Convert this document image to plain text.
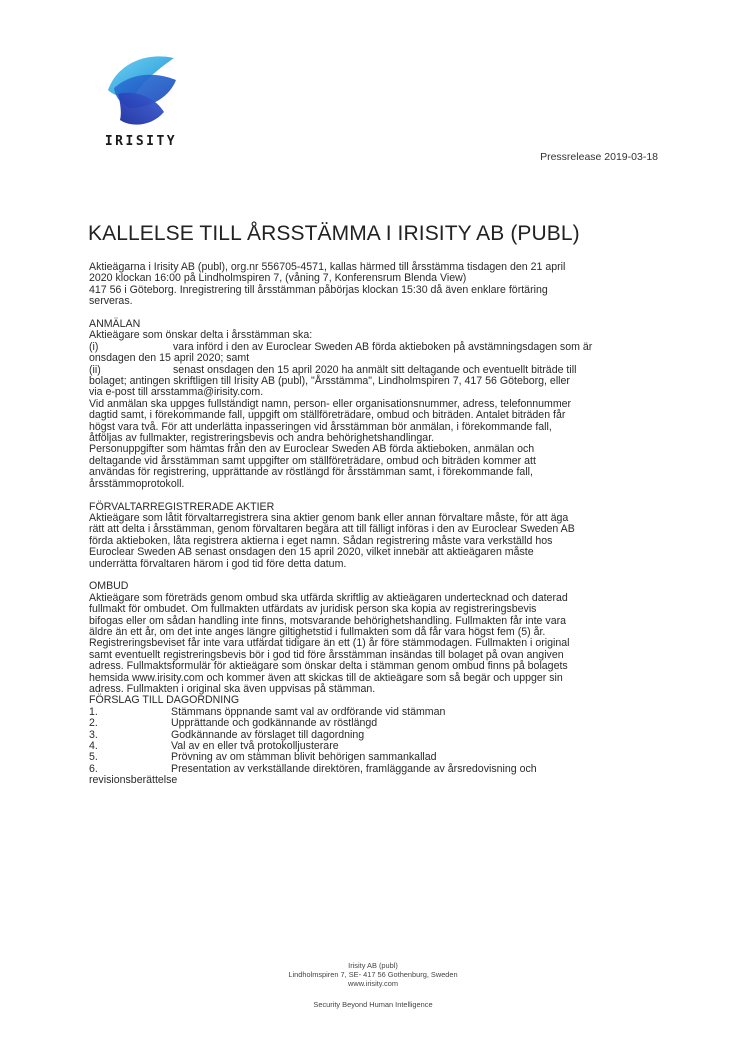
IRISITY
Pressrelease 2019-03-18
KALLELSE TILL ÅRSSTÄMMA I IRISITY AB (PUBL)

Aktieägarna i Irisity AB (publ), org.nr 556705-4571, kallas härmed till årsstämma tisdagen den 21 april

2020 klockan 16:00 på Lindholmspiren 7, (våning 7, Konferensrum Blenda View)

417 56 i Göteborg. Inregistrering till årsstämman påbörjas klockan 15:30 då även enklare förtäring

serveras.

ANMÄLAN

Aktieägare som önskar delta i årsstämman ska:

(i)	vara införd i den av Euroclear Sweden AB förda aktieboken på avstämningsdagen som är

onsdagen den 15 april 2020; samt

(ii)	senast onsdagen den 15 april 2020 ha anmält sitt deltagande och eventuellt biträde till

bolaget; antingen skriftligen till Irisity AB (publ), "Årsstämma", Lindholmspiren 7, 417 56 Göteborg, eller

via e-post till arsstamma@irisity.com.

Vid anmälan ska uppges fullständigt namn, person- eller organisationsnummer, adress, telefonnummer

dagtid samt, i förekommande fall, uppgift om ställföreträdare, ombud och biträden. Antalet biträden får

högst vara två. För att underlätta inpasseringen vid årsstämman bör anmälan, i förekommande fall,

åtföljas av fullmakter, registreringsbevis och andra behörighetshandlingar.

Personuppgifter som hämtas från den av Euroclear Sweden AB förda aktieboken, anmälan och

deltagande vid årsstämman samt uppgifter om ställföreträdare, ombud och biträden kommer att

användas för registrering, upprättande av röstlängd för årsstämman samt, i förekommande fall,

årsstämmoprotokoll.

FÖRVALTARREGISTRERADE AKTIER

Aktieägare som låtit förvaltarregistrera sina aktier genom bank eller annan förvaltare måste, för att äga

rätt att delta i årsstämman, genom förvaltaren begära att till fälligt införas i den av Euroclear Sweden AB

förda aktieboken, låta registrera aktierna i eget namn. Sådan registrering måste vara verkställd hos

Euroclear Sweden AB senast onsdagen den 15 april 2020, vilket innebär att aktieägaren måste

underrätta förvaltaren härom i god tid före detta datum.

OMBUD

Aktieägare som företräds genom ombud ska utfärda skriftlig av aktieägaren undertecknad och daterad

fullmakt för ombudet. Om fullmakten utfärdats av juridisk person ska kopia av registreringsbevis

bifogas eller om sådan handling inte finns, motsvarande behörighetshandling. Fullmakten får inte vara

äldre än ett år, om det inte anges längre giltighetstid i fullmakten som då får vara högst fem (5) år.

Registreringsbeviset får inte vara utfärdat tidigare än ett (1) år före stämmodagen. Fullmakten i original

samt eventuellt registreringsbevis bör i god tid före årsstämman insändas till bolaget på ovan angiven

adress. Fullmaktsformulär för aktieägare som önskar delta i stämman genom ombud finns på bolagets

hemsida www.irisity.com och kommer även att skickas till de aktieägare som så begär och uppger sin

adress. Fullmakten i original ska även uppvisas på stämman.

FÖRSLAG TILL DAGORDNING

1.	Stämmans öppnande samt val av ordförande vid stämman
2.	Upprättande och godkännande av röstlängd
3.	Godkännande av förslaget till dagordning
4.	Val av en eller två protokolljusterare
5.	Prövning av om stämman blivit behörigen sammankallad
6.	Presentation av verkställande direktören, framläggande av årsredovisning och

revisionsberättelse

Irisity AB (publ)
Lindholmspiren 7, SE- 417 56 Gothenburg, Sweden
www.irisity.com
Security Beyond Human Intelligence
